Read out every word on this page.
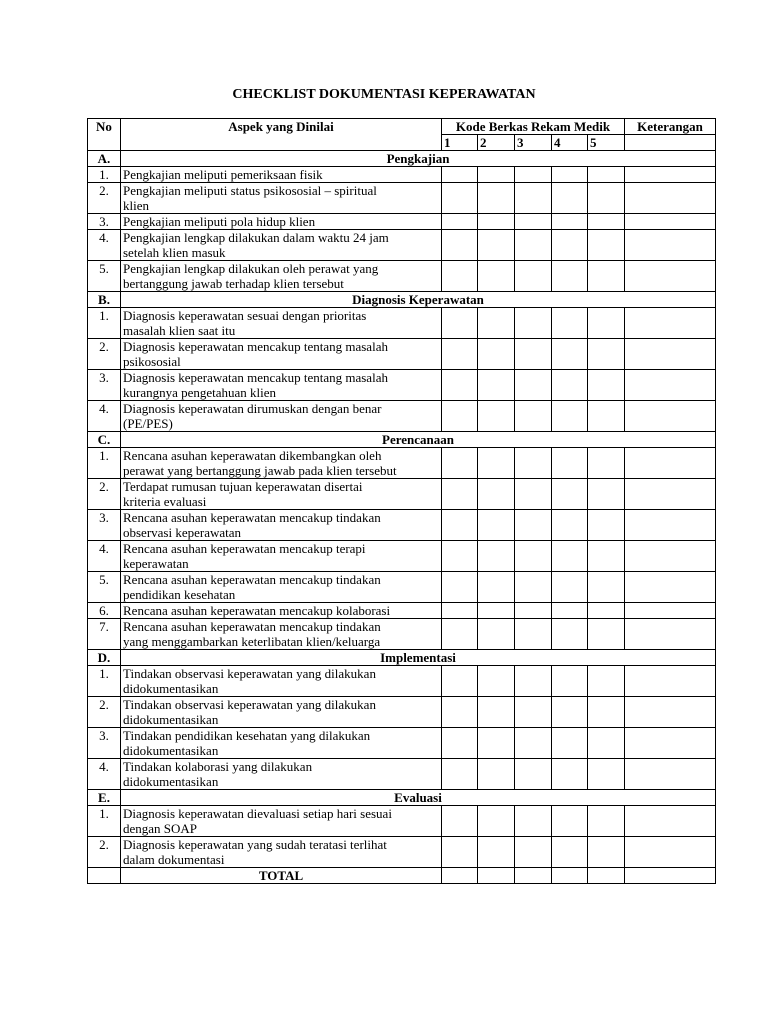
CHECKLIST DOKUMENTASI KEPERAWATAN
No	Aspek yang Dinilai	Kode Berkas Rekam Medik					Keterangan
		1	2	3	4	5	
A.	Pengkajian						
1.	Pengkajian meliputi pemeriksaan fisik						

2.	Pengkajian meliputi status psikososial – spiritual
klien						

3.	Pengkajian meliputi pola hidup klien						

4.	Pengkajian lengkap dilakukan dalam waktu 24 jam
setelah klien masuk						

5.	Pengkajian lengkap dilakukan oleh perawat yang
bertanggung jawab terhadap klien tersebut						

B.	Diagnosis Keperawatan						
1.	Diagnosis keperawatan sesuai dengan prioritas
masalah klien saat itu						

2.	Diagnosis keperawatan mencakup tentang masalah
psikososial						

3.	Diagnosis keperawatan mencakup tentang masalah
kurangnya pengetahuan klien						

4.	Diagnosis keperawatan dirumuskan dengan benar
(PE/PES)						

C.	Perencanaan						
1.	Rencana asuhan keperawatan dikembangkan oleh
perawat yang bertanggung jawab pada klien tersebut						

2.	Terdapat rumusan tujuan keperawatan disertai
kriteria evaluasi						

3.	Rencana asuhan keperawatan mencakup tindakan
observasi keperawatan						

4.	Rencana asuhan keperawatan mencakup terapi
keperawatan						

5.	Rencana asuhan keperawatan mencakup tindakan
pendidikan kesehatan						

6.	Rencana asuhan keperawatan mencakup kolaborasi						

7.	Rencana asuhan keperawatan mencakup tindakan
yang menggambarkan keterlibatan klien/keluarga						

D.	Implementasi						
1.	Tindakan observasi keperawatan yang dilakukan
didokumentasikan						

2.	Tindakan observasi keperawatan yang dilakukan
didokumentasikan						

3.	Tindakan pendidikan kesehatan yang dilakukan
didokumentasikan						

4.	Tindakan kolaborasi yang dilakukan
didokumentasikan						

E.	Evaluasi						
1.	Diagnosis keperawatan dievaluasi setiap hari sesuai
dengan SOAP						

2.	Diagnosis keperawatan yang sudah teratasi terlihat
dalam dokumentasi						

	TOTAL						
